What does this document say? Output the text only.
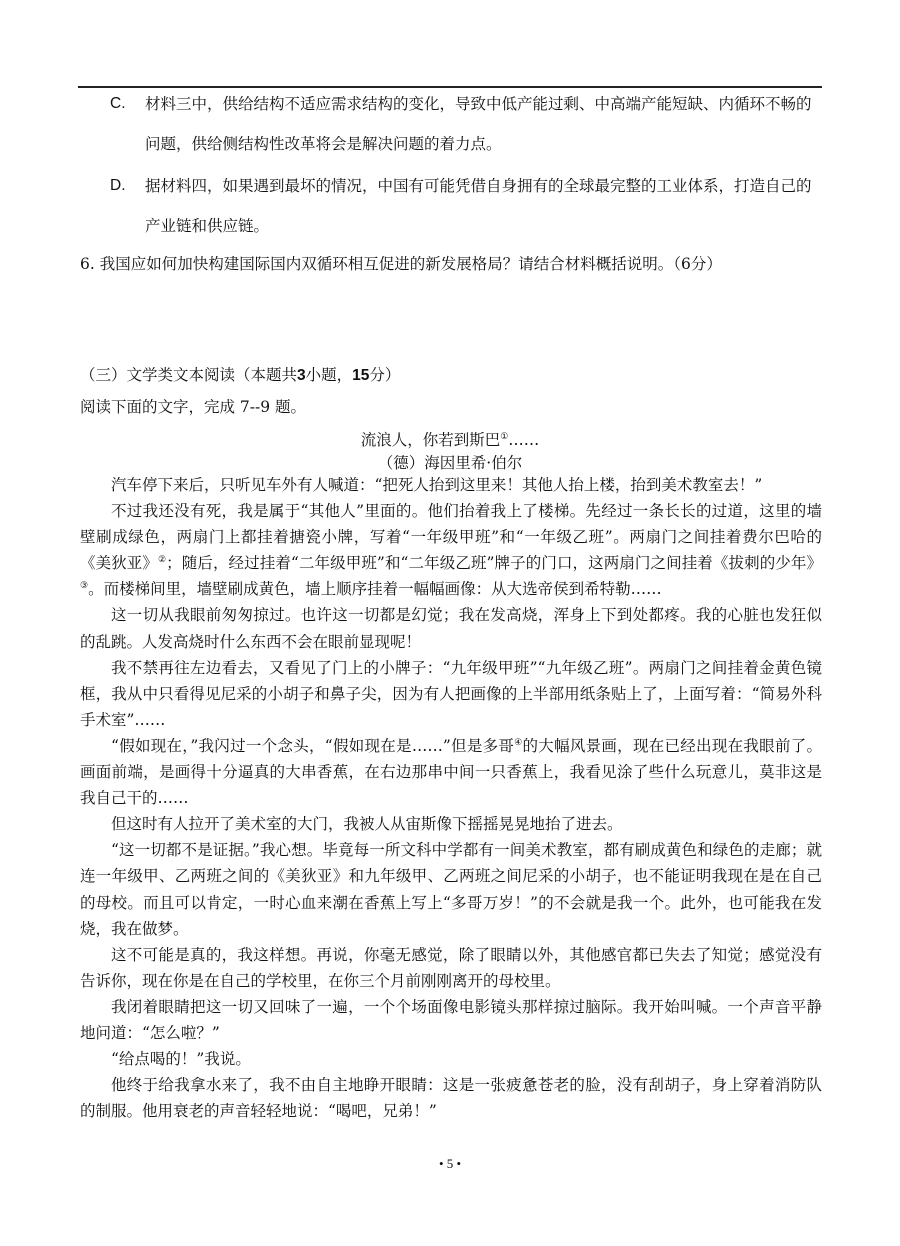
C.	材料三中，供给结构不适应需求结构的变化，导致中低产能过剩、中高端产能短缺、内循环不畅的问题，供给侧结构性改革将会是解决问题的着力点。
D.	据材料四，如果遇到最坏的情况，中国有可能凭借自身拥有的全球最完整的工业体系，打造自己的产业链和供应链。
6. 我国应如何加快构建国际国内双循环相互促进的新发展格局？请结合材料概括说明。（6分）
（三）文学类文本阅读（本题共3小题，15分）
阅读下面的文字，完成 7--9 题。
流浪人，你若到斯巴①……
（德）海因里希·伯尔

汽车停下来后，只听见车外有人喊道：“把死人抬到这里来！其他人抬上楼，抬到美术教室去！”

不过我还没有死，我是属于“其他人”里面的。他们抬着我上了楼梯。先经过一条长长的过道，这里的墙壁刷成绿色，两扇门上都挂着搪瓷小牌，写着“一年级甲班”和“一年级乙班”。两扇门之间挂着费尔巴哈的《美狄亚》②；随后，经过挂着“二年级甲班”和“二年级乙班”牌子的门口，这两扇门之间挂着《拔刺的少年》③。而楼梯间里，墙壁刷成黄色，墙上顺序挂着一幅幅画像：从大选帝侯到希特勒……

这一切从我眼前匆匆掠过。也许这一切都是幻觉；我在发高烧，浑身上下到处都疼。我的心脏也发狂似的乱跳。人发高烧时什么东西不会在眼前显现呢！

我不禁再往左边看去，又看见了门上的小牌子：“九年级甲班”“九年级乙班”。两扇门之间挂着金黄色镜框，我从中只看得见尼采的小胡子和鼻子尖，因为有人把画像的上半部用纸条贴上了，上面写着：“简易外科手术室”……

“假如现在，”我闪过一个念头，“假如现在是……”但是多哥④的大幅风景画，现在已经出现在我眼前了。画面前端，是画得十分逼真的大串香蕉，在右边那串中间一只香蕉上，我看见涂了些什么玩意儿，莫非这是我自己干的……

但这时有人拉开了美术室的大门，我被人从宙斯像下摇摇晃晃地抬了进去。

“这一切都不是证据。”我心想。毕竟每一所文科中学都有一间美术教室，都有刷成黄色和绿色的走廊；就连一年级甲、乙两班之间的《美狄亚》和九年级甲、乙两班之间尼采的小胡子，也不能证明我现在是在自己的母校。而且可以肯定，一时心血来潮在香蕉上写上“多哥万岁！”的不会就是我一个。此外，也可能我在发烧，我在做梦。

这不可能是真的，我这样想。再说，你毫无感觉，除了眼睛以外，其他感官都已失去了知觉；感觉没有告诉你，现在你是在自己的学校里，在你三个月前刚刚离开的母校里。

我闭着眼睛把这一切又回味了一遍，一个个场面像电影镜头那样掠过脑际。我开始叫喊。一个声音平静地问道：“怎么啦？”

“给点喝的！”我说。

他终于给我拿水来了，我不由自主地睁开眼睛：这是一张疲惫苍老的脸，没有刮胡子，身上穿着消防队的制服。他用衰老的声音轻轻地说：“喝吧，兄弟！”

• 5 •
